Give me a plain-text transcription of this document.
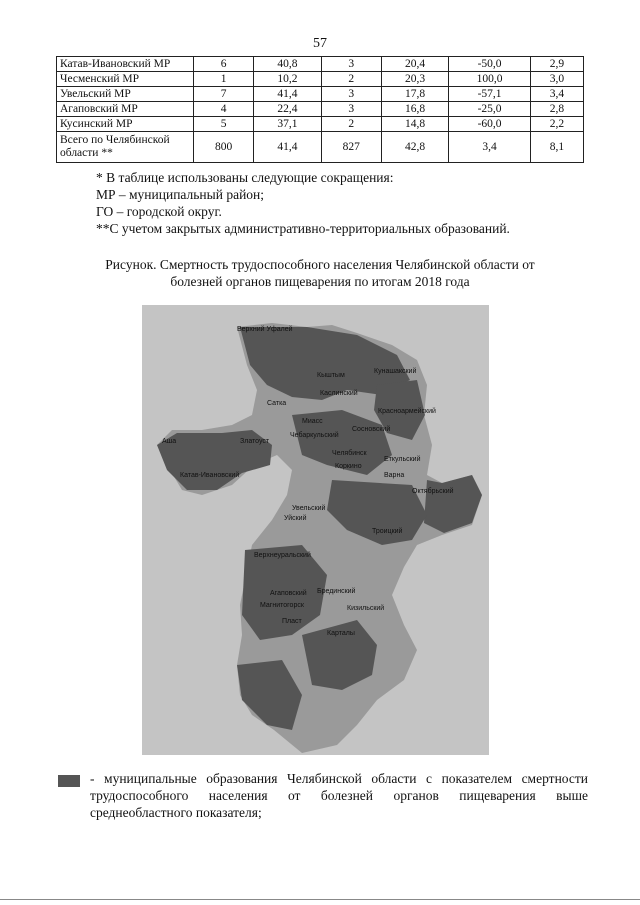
57
Катав-Ивановский МР	6	40,8	3	20,4	-50,0	2,9
Чесменский МР	1	10,2	2	20,3	100,0	3,0
Увельский МР	7	41,4	3	17,8	-57,1	3,4
Агаповский МР	4	22,4	3	16,8	-25,0	2,8
Кусинский МР	5	37,1	2	14,8	-60,0	2,2
Всего по Челябинской области **	800	41,4	827	42,8	3,4	8,1
* В таблице использованы следующие сокращения:
МР – муниципальный район;
ГО – городской округ.
**С учетом закрытых административно-территориальных образований.
Рисунок. Смертность трудоспособного населения Челябинской области от
болезней органов пищеварения по итогам 2018 года
Верхний Уфалей
Кыштым
Каслинский
Кунашакский
Красноармейский
Чебаркульский
Челябинск
Еткульский
Октябрьский
Увельский
Троицкий
Верхнеуральский
Магнитогорск
Агаповский
Кизильский
Брединский
Карталы
Варна
Пласт
Миасс
Златоуст
Сатка
Аша
Катав-Ивановский
Сосновский
Коркино
Уйский
- муниципальные образования Челябинской области с показателем смертности трудоспособного населения от болезней органов пищеварения выше среднеобластного показателя;
